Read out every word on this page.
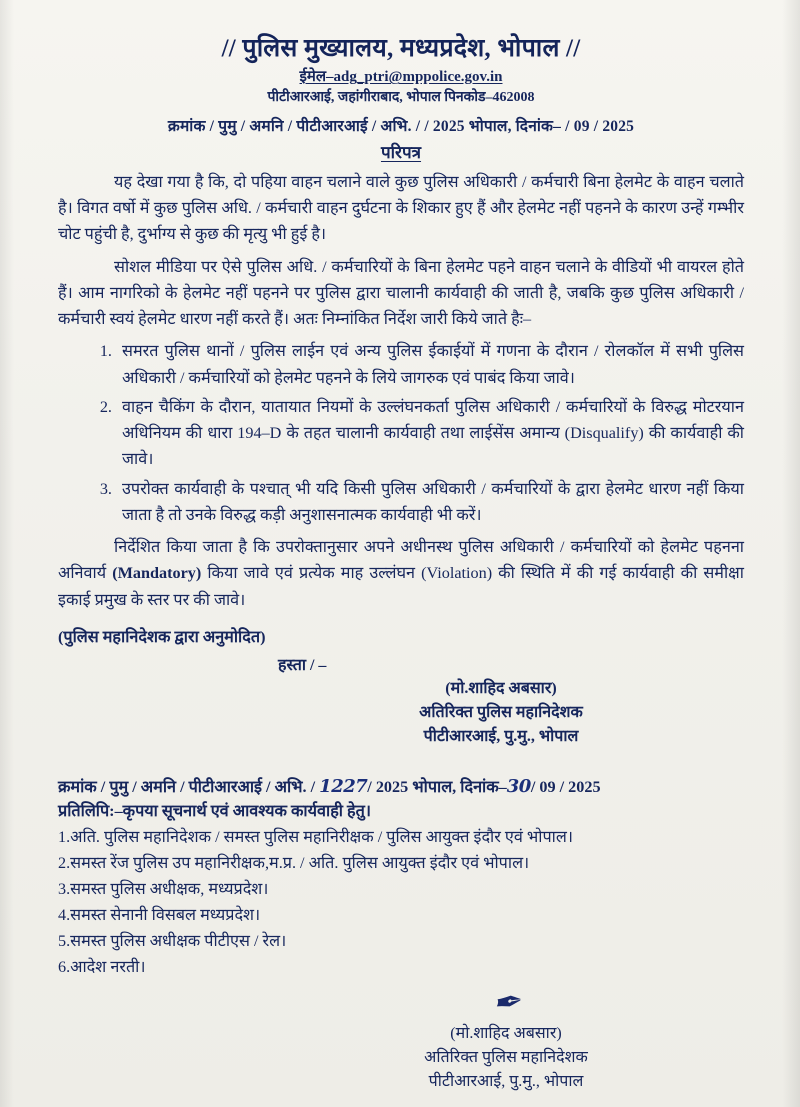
// पुलिस मुख्यालय, मध्यप्रदेश, भोपाल //
ईमेल–adg_ptri@mppolice.gov.in
पीटीआरआई, जहांगीराबाद, भोपाल पिनकोड–462008
क्रमांक / पुमु / अमनि / पीटीआरआई / अभि. / / 2025 भोपाल, दिनांक– / 09 / 2025
परिपत्र

यह देखा गया है कि, दो पहिया वाहन चलाने वाले कुछ पुलिस अधिकारी / कर्मचारी बिना हेलमेट के वाहन चलाते है। विगत वर्षो में कुछ पुलिस अधि. / कर्मचारी वाहन दुर्घटना के शिकार हुए हैं और हेलमेट नहीं पहनने के कारण उन्हें गम्भीर चोट पहुंची है, दुर्भाग्य से कुछ की मृत्यु भी हुई है।

सोशल मीडिया पर ऐसे पुलिस अधि. / कर्मचारियों के बिना हेलमेट पहने वाहन चलाने के वीडियों भी वायरल होते हैं। आम नागरिको के हेलमेट नहीं पहनने पर पुलिस द्वारा चालानी कार्यवाही की जाती है, जबकि कुछ पुलिस अधिकारी / कर्मचारी स्वयं हेलमेट धारण नहीं करते हैं। अतः निम्नांकित निर्देश जारी किये जाते हैः–

1. समरत पुलिस थानों / पुलिस लाईन एवं अन्य पुलिस ईकाईयों में गणना के दौरान / रोलकॉल में सभी पुलिस अधिकारी / कर्मचारियों को हेलमेट पहनने के लिये जागरुक एवं पाबंद किया जावे।
2. वाहन चैकिंग के दौरान, यातायात नियमों के उल्लंघनकर्ता पुलिस अधिकारी / कर्मचारियों के विरुद्ध मोटरयान अधिनियम की धारा 194–D के तहत चालानी कार्यवाही तथा लाईसेंस अमान्य (Disqualify) की कार्यवाही की जावे।
3. उपरोक्त कार्यवाही के पश्चात् भी यदि किसी पुलिस अधिकारी / कर्मचारियों के द्वारा हेलमेट धारण नहीं किया जाता है तो उनके विरुद्ध कड़ी अनुशासनात्मक कार्यवाही भी करें।

निर्देशित किया जाता है कि उपरोक्तानुसार अपने अधीनस्थ पुलिस अधिकारी / कर्मचारियों को हेलमेट पहनना अनिवार्य (Mandatory) किया जावे एवं प्रत्येक माह उल्लंघन (Violation) की स्थिति में की गई कार्यवाही की समीक्षा इकाई प्रमुख के स्तर पर की जावे।

(पुलिस महानिदेशक द्वारा अनुमोदित)
हस्ता / –
(मो.शाहिद अबसार)
अतिरिक्त पुलिस महानिदेशक
पीटीआरआई, पु.मु., भोपाल
क्रमांक / पुमु / अमनि / पीटीआरआई / अभि. / 1227/ 2025 भोपाल, दिनांक–30/ 09 / 2025
प्रतिलिपि:–कृपया सूचनार्थ एवं आवश्यक कार्यवाही हेतु।
1.अति. पुलिस महानिदेशक / समस्त पुलिस महानिरीक्षक / पुलिस आयुक्त इंदौर एवं भोपाल।
2.समस्त रेंज पुलिस उप महानिरीक्षक,म.प्र. / अति. पुलिस आयुक्त इंदौर एवं भोपाल।
3.समस्त पुलिस अधीक्षक, मध्यप्रदेश।
4.समस्त सेनानी विसबल मध्यप्रदेश।
5.समस्त पुलिस अधीक्षक पीटीएस / रेल।
6.आदेश नरती।
✒
(मो.शाहिद अबसार)
अतिरिक्त पुलिस महानिदेशक
पीटीआरआई, पु.मु., भोपाल
